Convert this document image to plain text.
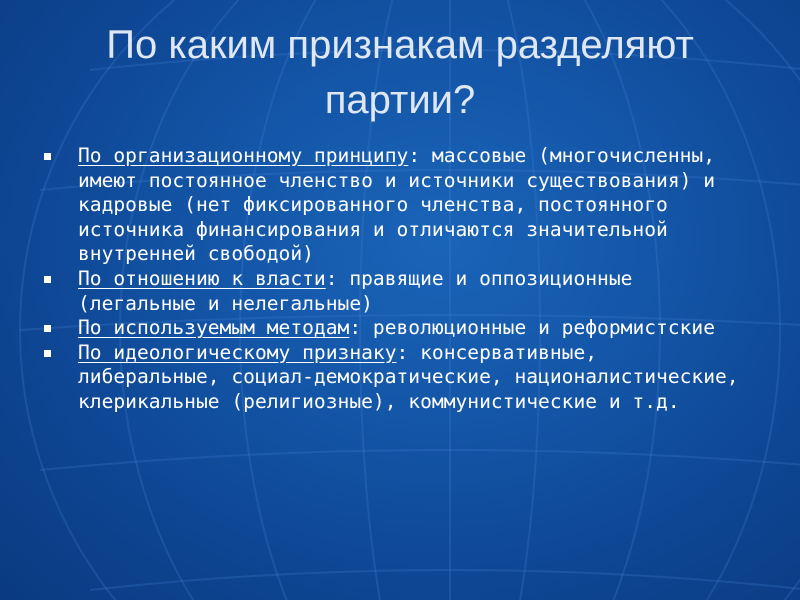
По каким признакам разделяют партии?
По организационному принципу: массовые (многочисленны, имеют постоянное членство и источники существования) и кадровые (нет фиксированного членства, постоянного источника финансирования и отличаются значительной внутренней свободой)
По отношению к власти: правящие и оппозиционные (легальные и нелегальные)
По используемым методам: революционные и реформистские
По идеологическому признаку: консервативные, либеральные, социал-демократические, националистические, клерикальные (религиозные), коммунистические и т.д.
